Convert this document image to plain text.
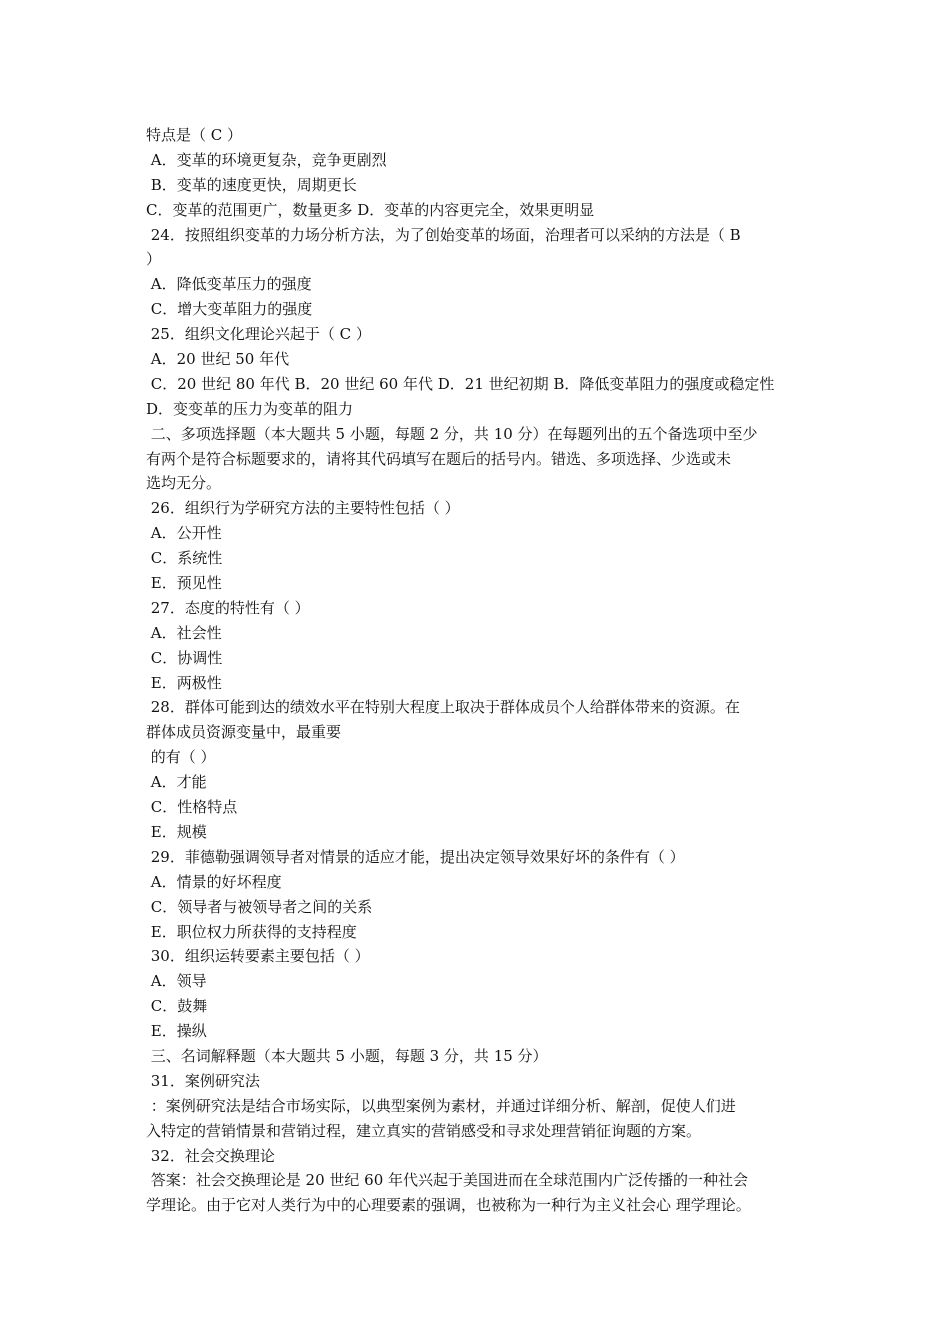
特点是（ C ）

A．变革的环境更复杂，竞争更剧烈

B．变革的速度更快，周期更长

C．变革的范围更广，数量更多 D．变革的内容更完全，效果更明显

24．按照组织变革的力场分析方法，为了创始变革的场面，治理者可以采纳的方法是（ B

）

A．降低变革压力的强度

C．增大变革阻力的强度

25．组织文化理论兴起于（ C ）

A．20 世纪 50 年代

C．20 世纪 80 年代 B．20 世纪 60 年代 D．21 世纪初期 B．降低变革阻力的强度或稳定性

D．变变革的压力为变革的阻力

二、多项选择题（本大题共 5 小题，每题 2 分，共 10 分）在每题列出的五个备选项中至少

有两个是符合标题要求的，请将其代码填写在题后的括号内。错选、多项选择、少选或未

选均无分。

26．组织行为学研究方法的主要特性包括（ ）

A．公开性

C．系统性

E．预见性

27．态度的特性有（ ）

A．社会性

C．协调性

E．两极性

28．群体可能到达的绩效水平在特别大程度上取决于群体成员个人给群体带来的资源。在

群体成员资源变量中，最重要

的有（ ）

A．才能

C．性格特点

E．规模

29．菲德勒强调领导者对情景的适应才能，提出决定领导效果好坏的条件有（ ）

A．情景的好坏程度

C．领导者与被领导者之间的关系

E．职位权力所获得的支持程度

30．组织运转要素主要包括（ ）

A．领导

C．鼓舞

E．操纵

三、名词解释题（本大题共 5 小题，每题 3 分，共 15 分）

31．案例研究法

：案例研究法是结合市场实际，以典型案例为素材，并通过详细分析、解剖，促使人们进

入特定的营销情景和营销过程，建立真实的营销感受和寻求处理营销征询题的方案。

32．社会交换理论

答案：社会交换理论是 20 世纪 60 年代兴起于美国进而在全球范围内广泛传播的一种社会

学理论。由于它对人类行为中的心理要素的强调，也被称为一种行为主义社会心 理学理论。
